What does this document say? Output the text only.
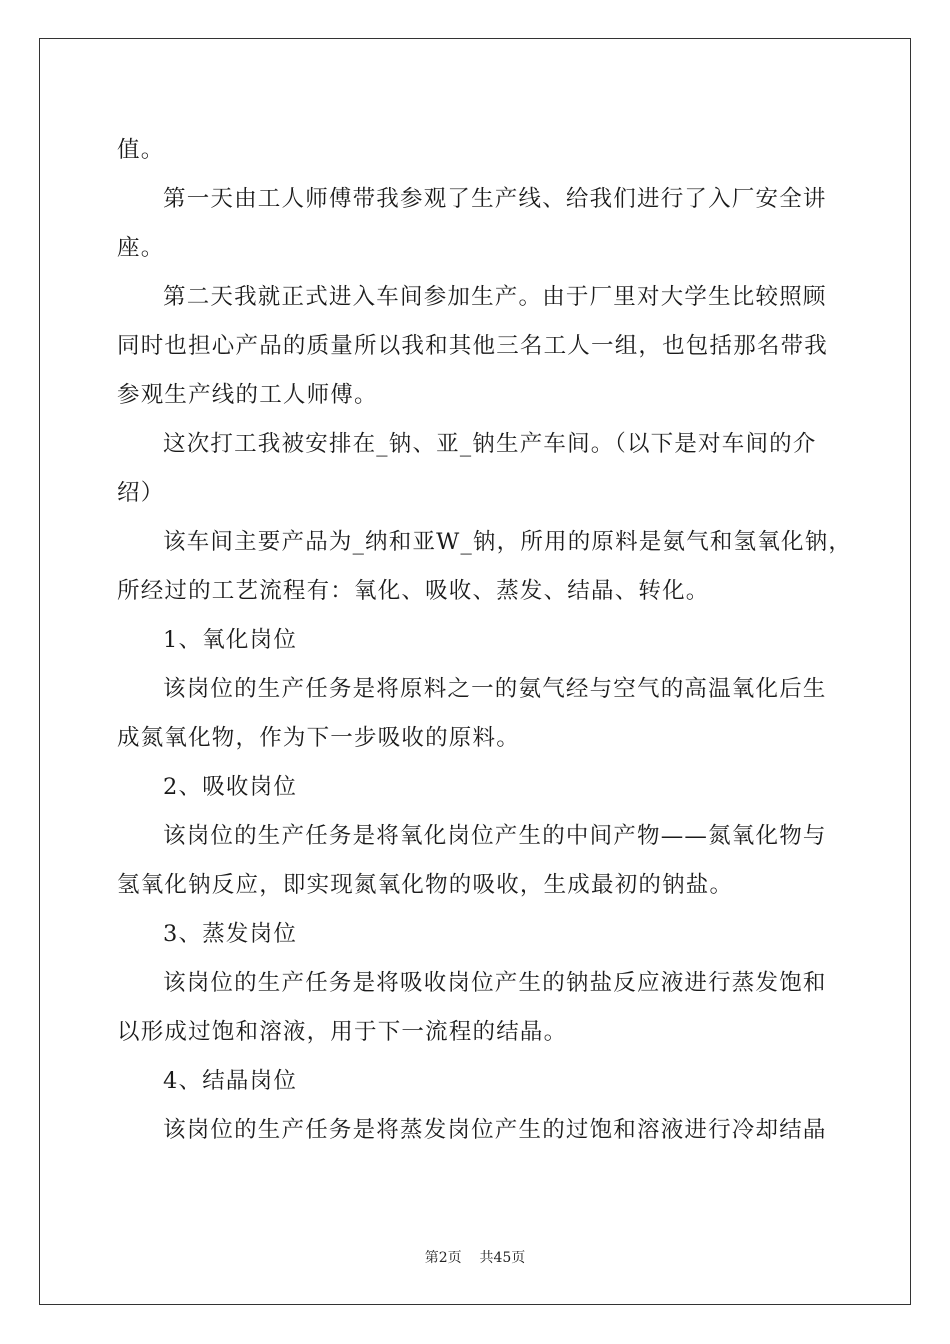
值。
第一天由工人师傅带我参观了生产线、给我们进行了入厂安全讲
座。
第二天我就正式进入车间参加生产。由于厂里对大学生比较照顾
同时也担心产品的质量所以我和其他三名工人一组，也包括那名带我
参观生产线的工人师傅。
这次打工我被安排在_钠、亚_钠生产车间。（以下是对车间的介
绍）
该车间主要产品为_纳和亚W_钠，所用的原料是氨气和氢氧化钠，
所经过的工艺流程有：氧化、吸收、蒸发、结晶、转化。
1、氧化岗位
该岗位的生产任务是将原料之一的氨气经与空气的高温氧化后生
成氮氧化物，作为下一步吸收的原料。
2、吸收岗位
该岗位的生产任务是将氧化岗位产生的中间产物——氮氧化物与
氢氧化钠反应，即实现氮氧化物的吸收，生成最初的钠盐。
3、蒸发岗位
该岗位的生产任务是将吸收岗位产生的钠盐反应液进行蒸发饱和
以形成过饱和溶液，用于下一流程的结晶。
4、结晶岗位
该岗位的生产任务是将蒸发岗位产生的过饱和溶液进行冷却结晶
第2页 共45页
